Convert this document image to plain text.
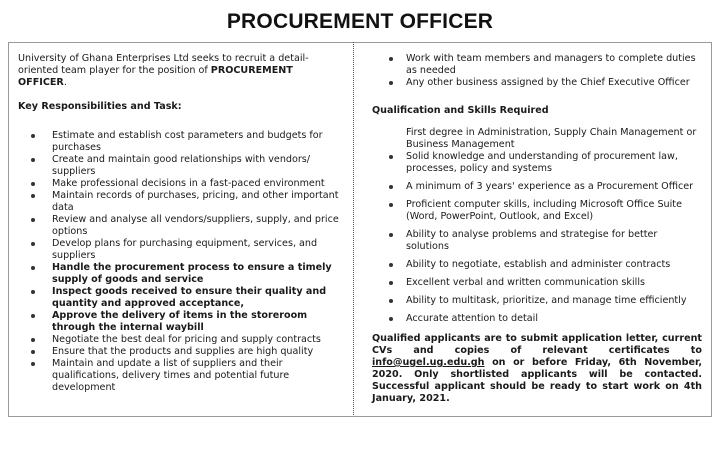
PROCUREMENT OFFICER

University of Ghana Enterprises Ltd seeks to recruit a detail-oriented team player for the position of PROCUREMENT OFFICER.

Key Responsibilities and Task:
Estimate and establish cost parameters and budgets for purchases
Create and maintain good relationships with vendors/ suppliers
Make professional decisions in a fast-paced environment
Maintain records of purchases, pricing, and other important data
Review and analyse all vendors/suppliers, supply, and price options
Develop plans for purchasing equipment, services, and suppliers
Handle the procurement process to ensure a timely supply of goods and service
Inspect goods received to ensure their quality and quantity and approved acceptance,
Approve the delivery of items in the storeroom through the internal waybill
Negotiate the best deal for pricing and supply contracts
Ensure that the products and supplies are high quality
Maintain and update a list of suppliers and their qualifications, delivery times and potential future development
Work with team members and managers to complete duties as needed
Any other business assigned by the Chief Executive Officer
Qualification and Skills Required
First degree in Administration, Supply Chain Management or Business Management
Solid knowledge and understanding of procurement law, processes, policy and systems
A minimum of 3 years' experience as a Procurement Officer
Proficient computer skills, including Microsoft Office Suite (Word, PowerPoint, Outlook, and Excel)
Ability to analyse problems and strategise for better solutions
Ability to negotiate, establish and administer contracts
Excellent verbal and written communication skills
Ability to multitask, prioritize, and manage time efficiently
Accurate attention to detail

Qualified applicants are to submit application letter, current CVs and copies of relevant certificates to info@ugel.ug.edu.gh on or before Friday, 6th November, 2020. Only shortlisted applicants will be contacted. Successful applicant should be ready to start work on 4th January, 2021.
